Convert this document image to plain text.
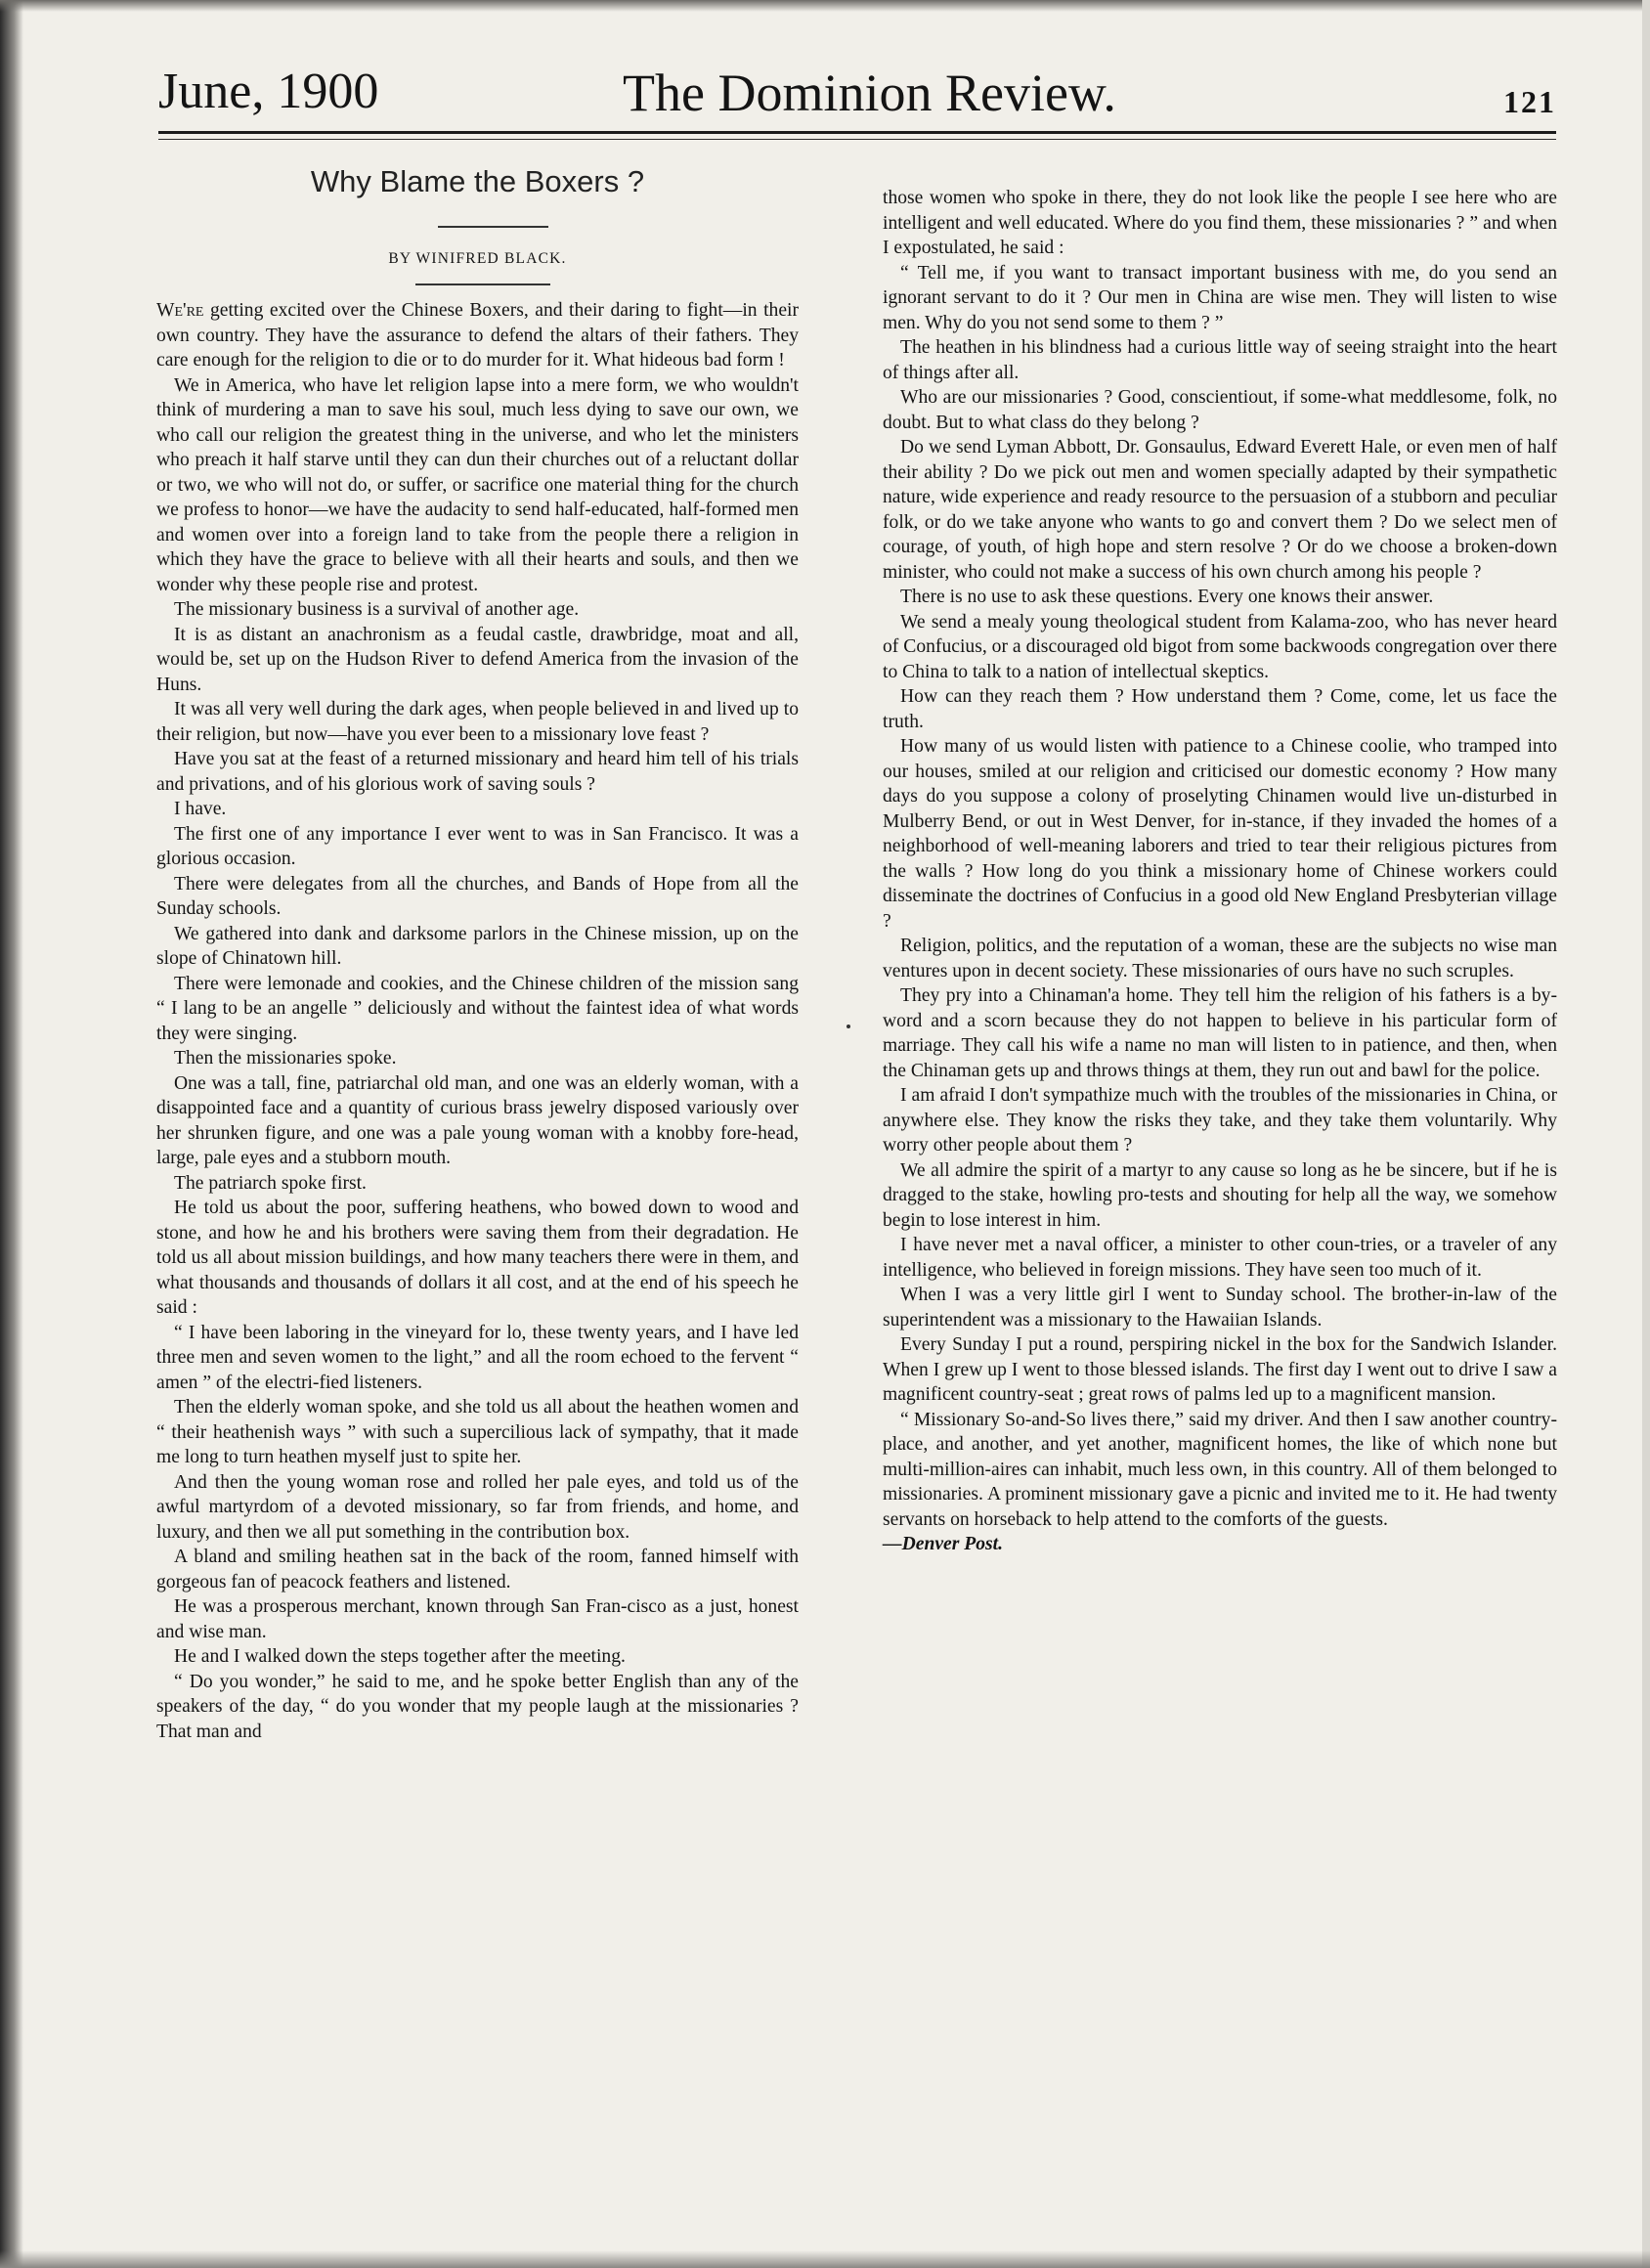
June, 1900	The Dominion Review.	121
Why Blame the Boxers ?
BY WINIFRED BLACK.

We're getting excited over the Chinese Boxers, and their daring to fight—in their own country. They have the assurance to defend the altars of their fathers. They care enough for the religion to die or to do murder for it. What hideous bad form !

We in America, who have let religion lapse into a mere form, we who wouldn't think of murdering a man to save his soul, much less dying to save our own, we who call our religion the greatest thing in the universe, and who let the ministers who preach it half starve until they can dun their churches out of a reluctant dollar or two, we who will not do, or suffer, or sacrifice one material thing for the church we profess to honor—we have the audacity to send half-educated, half-formed men and women over into a foreign land to take from the people there a religion in which they have the grace to believe with all their hearts and souls, and then we wonder why these people rise and protest.

The missionary business is a survival of another age.

It is as distant an anachronism as a feudal castle, drawbridge, moat and all, would be, set up on the Hudson River to defend America from the invasion of the Huns.

It was all very well during the dark ages, when people believed in and lived up to their religion, but now—have you ever been to a missionary love feast ?

Have you sat at the feast of a returned missionary and heard him tell of his trials and privations, and of his glorious work of saving souls ?

I have.

The first one of any importance I ever went to was in San Francisco. It was a glorious occasion.

There were delegates from all the churches, and Bands of Hope from all the Sunday schools.

We gathered into dank and darksome parlors in the Chinese mission, up on the slope of Chinatown hill.

There were lemonade and cookies, and the Chinese children of the mission sang “ I lang to be an angelle ” deliciously and without the faintest idea of what words they were singing.

Then the missionaries spoke.

One was a tall, fine, patriarchal old man, and one was an elderly woman, with a disappointed face and a quantity of curious brass jewelry disposed variously over her shrunken figure, and one was a pale young woman with a knobby fore-head, large, pale eyes and a stubborn mouth.

The patriarch spoke first.

He told us about the poor, suffering heathens, who bowed down to wood and stone, and how he and his brothers were saving them from their degradation. He told us all about mission buildings, and how many teachers there were in them, and what thousands and thousands of dollars it all cost, and at the end of his speech he said :

“ I have been laboring in the vineyard for lo, these twenty years, and I have led three men and seven women to the light,” and all the room echoed to the fervent “ amen ” of the electri-fied listeners.

Then the elderly woman spoke, and she told us all about the heathen women and “ their heathenish ways ” with such a supercilious lack of sympathy, that it made me long to turn heathen myself just to spite her.

And then the young woman rose and rolled her pale eyes, and told us of the awful martyrdom of a devoted missionary, so far from friends, and home, and luxury, and then we all put something in the contribution box.

A bland and smiling heathen sat in the back of the room, fanned himself with gorgeous fan of peacock feathers and listened.

He was a prosperous merchant, known through San Fran-cisco as a just, honest and wise man.

He and I walked down the steps together after the meeting.

“ Do you wonder,” he said to me, and he spoke better English than any of the speakers of the day, “ do you wonder that my people laugh at the missionaries ? That man and

those women who spoke in there, they do not look like the people I see here who are intelligent and well educated. Where do you find them, these missionaries ? ” and when I expostulated, he said :

“ Tell me, if you want to transact important business with me, do you send an ignorant servant to do it ? Our men in China are wise men. They will listen to wise men. Why do you not send some to them ? ”

The heathen in his blindness had a curious little way of seeing straight into the heart of things after all.

Who are our missionaries ? Good, conscientiout, if some-what meddlesome, folk, no doubt. But to what class do they belong ?

Do we send Lyman Abbott, Dr. Gonsaulus, Edward Everett Hale, or even men of half their ability ? Do we pick out men and women specially adapted by their sympathetic nature, wide experience and ready resource to the persuasion of a stubborn and peculiar folk, or do we take anyone who wants to go and convert them ? Do we select men of courage, of youth, of high hope and stern resolve ? Or do we choose a broken-down minister, who could not make a success of his own church among his people ?

There is no use to ask these questions. Every one knows their answer.

We send a mealy young theological student from Kalama-zoo, who has never heard of Confucius, or a discouraged old bigot from some backwoods congregation over there to China to talk to a nation of intellectual skeptics.

How can they reach them ? How understand them ? Come, come, let us face the truth.

How many of us would listen with patience to a Chinese coolie, who tramped into our houses, smiled at our religion and criticised our domestic economy ? How many days do you suppose a colony of proselyting Chinamen would live un-disturbed in Mulberry Bend, or out in West Denver, for in-stance, if they invaded the homes of a neighborhood of well-meaning laborers and tried to tear their religious pictures from the walls ? How long do you think a missionary home of Chinese workers could disseminate the doctrines of Confucius in a good old New England Presbyterian village ?

Religion, politics, and the reputation of a woman, these are the subjects no wise man ventures upon in decent society. These missionaries of ours have no such scruples.

They pry into a Chinaman'a home. They tell him the religion of his fathers is a by-word and a scorn because they do not happen to believe in his particular form of marriage. They call his wife a name no man will listen to in patience, and then, when the Chinaman gets up and throws things at them, they run out and bawl for the police.

I am afraid I don't sympathize much with the troubles of the missionaries in China, or anywhere else. They know the risks they take, and they take them voluntarily. Why worry other people about them ?

We all admire the spirit of a martyr to any cause so long as he be sincere, but if he is dragged to the stake, howling pro-tests and shouting for help all the way, we somehow begin to lose interest in him.

I have never met a naval officer, a minister to other coun-tries, or a traveler of any intelligence, who believed in foreign missions. They have seen too much of it.

When I was a very little girl I went to Sunday school. The brother-in-law of the superintendent was a missionary to the Hawaiian Islands.

Every Sunday I put a round, perspiring nickel in the box for the Sandwich Islander. When I grew up I went to those blessed islands. The first day I went out to drive I saw a magnificent country-seat ; great rows of palms led up to a magnificent mansion.

“ Missionary So-and-So lives there,” said my driver. And then I saw another country-place, and another, and yet another, magnificent homes, the like of which none but multi-million-aires can inhabit, much less own, in this country. All of them belonged to missionaries. A prominent missionary gave a picnic and invited me to it. He had twenty servants on horseback to help attend to the comforts of the guests.

—Denver Post.
